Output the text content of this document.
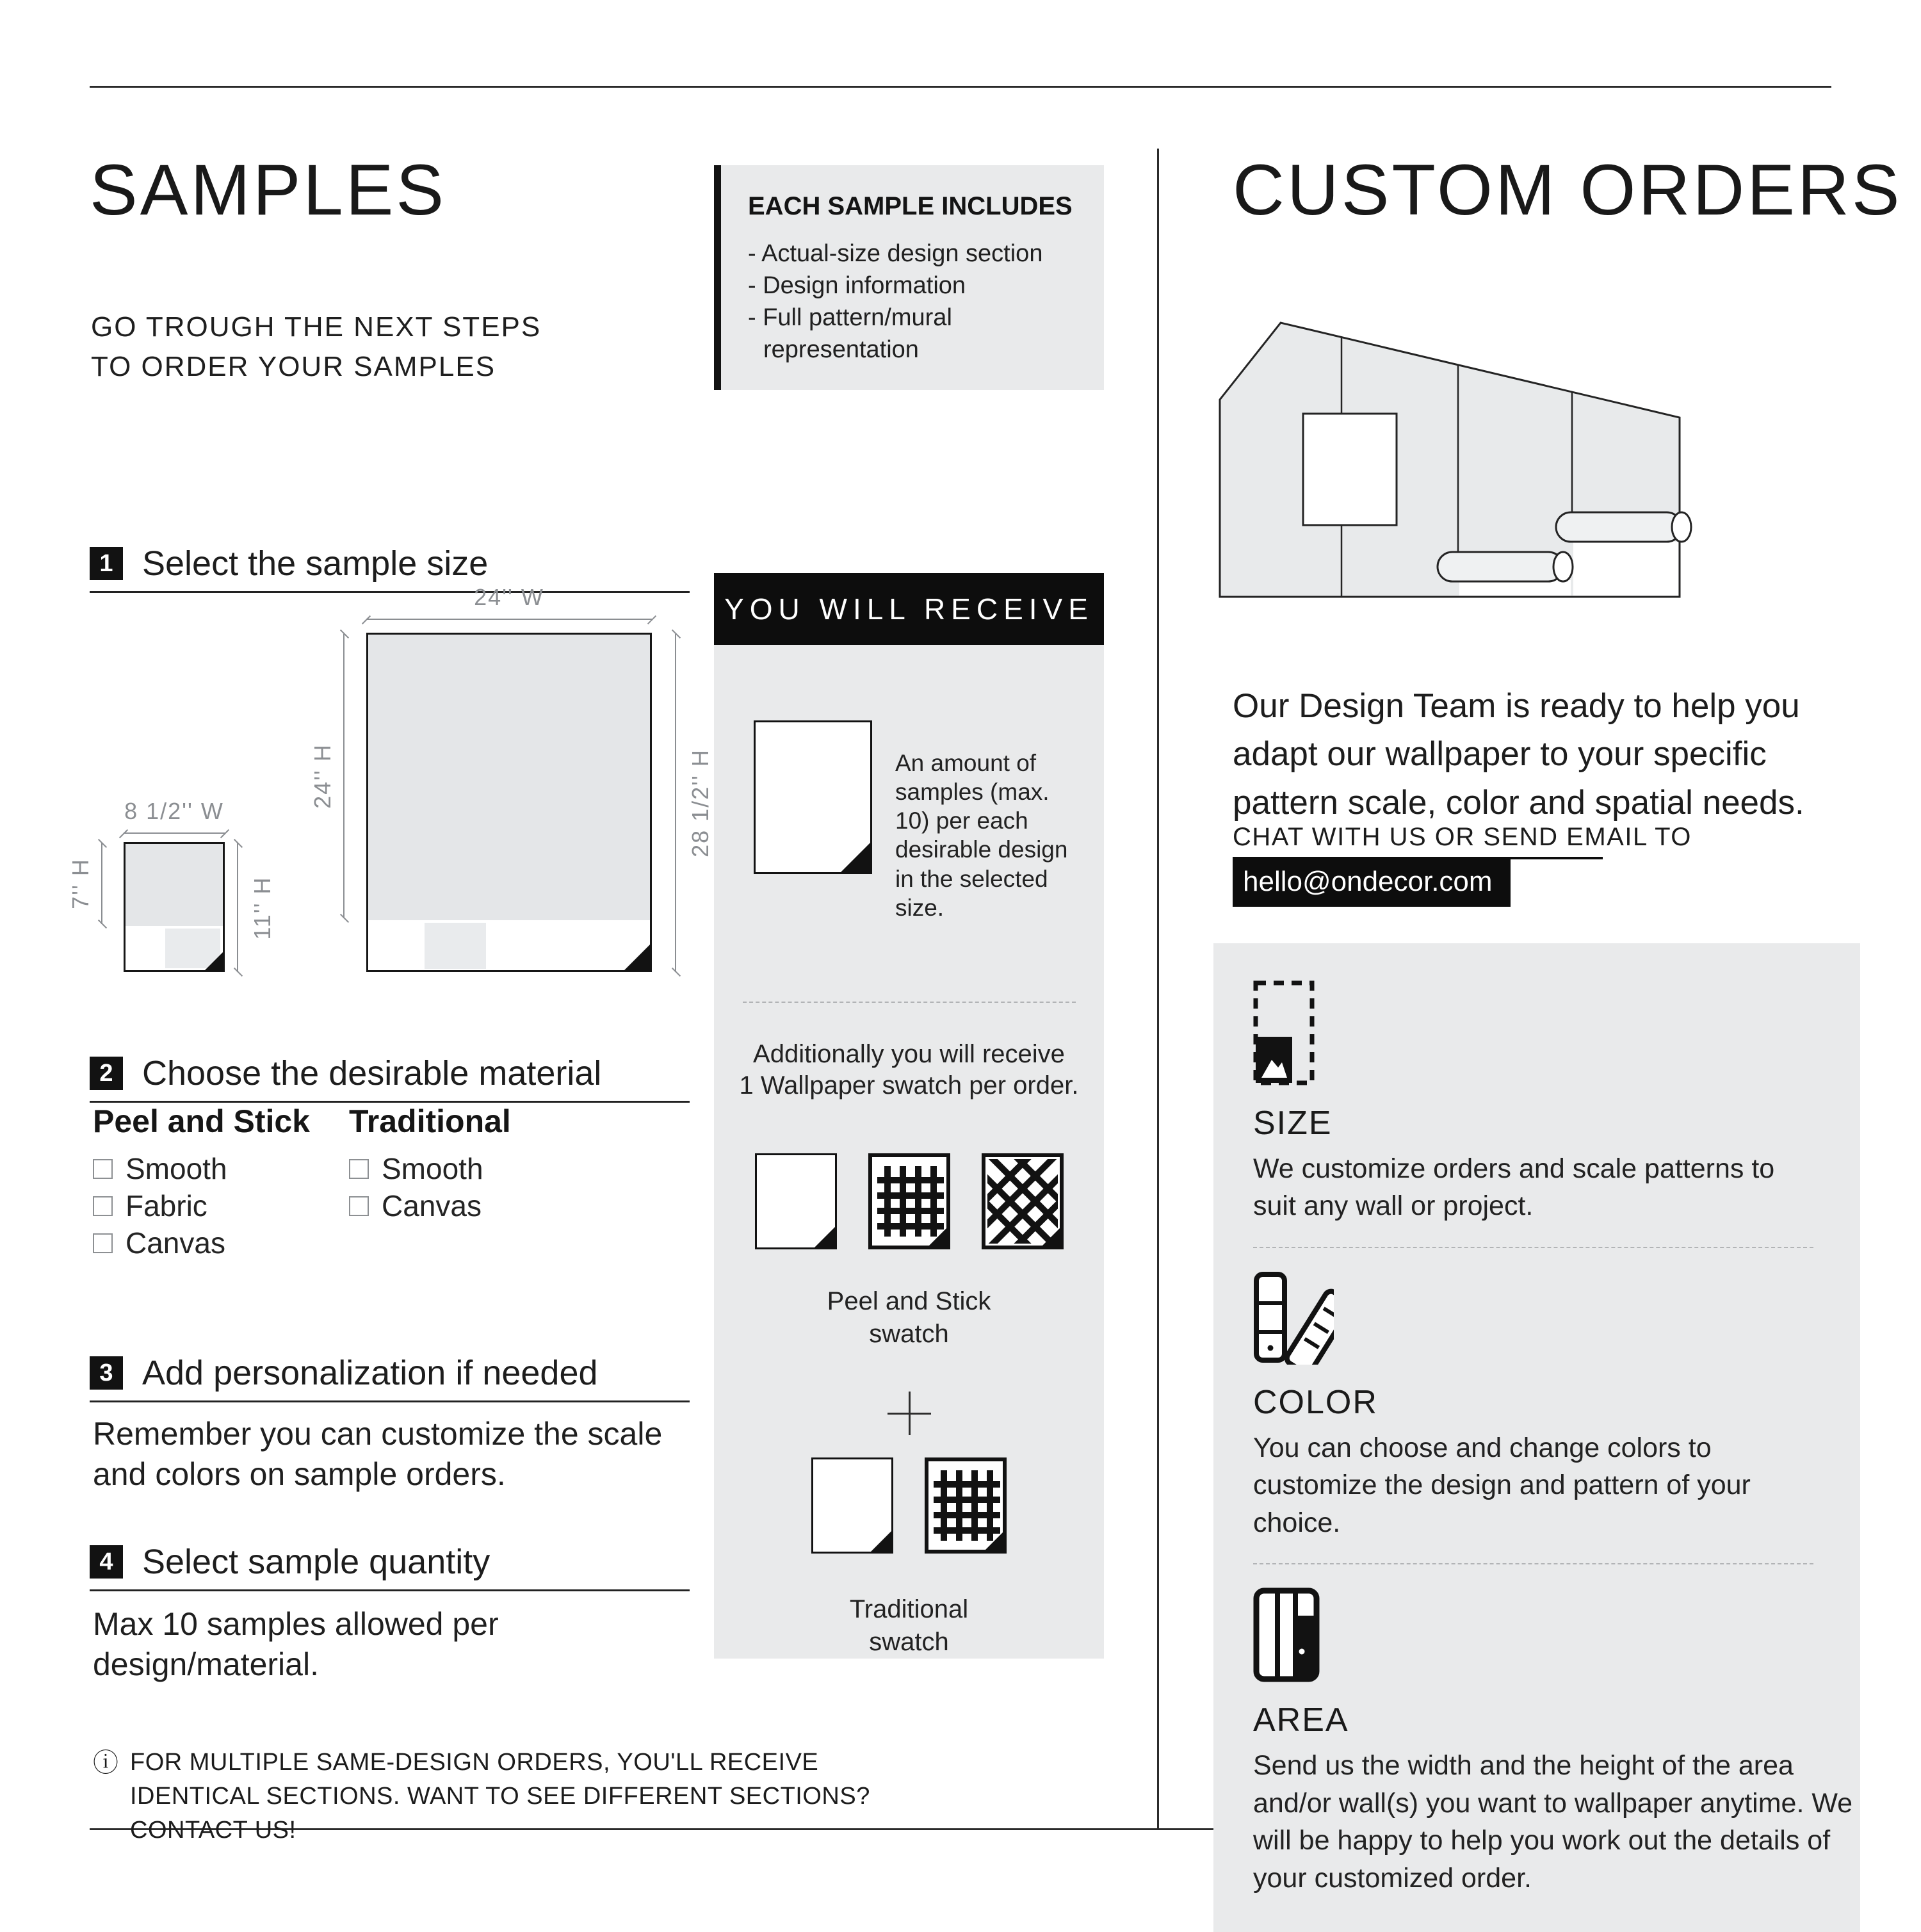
SAMPLES
GO TROUGH THE NEXT STEPS
TO ORDER YOUR SAMPLES
EACH SAMPLE INCLUDES
- Actual-size design section
- Design information
- Full pattern/mural representation
1 Select the sample size
8 1/2'' W
7'' H	11'' H
24'' W
24'' H	28 1/2'' H
2 Choose the desirable material
Peel and Stick
Smooth
Fabric
Canvas
Traditional
Smooth
Canvas
3 Add personalization if needed
Remember you can customize the scale and colors on sample orders.
4 Select sample quantity
Max 10 samples allowed per design/material.
ⓘ FOR MULTIPLE SAME-DESIGN ORDERS, YOU'LL RECEIVE IDENTICAL SECTIONS. WANT TO SEE DIFFERENT SECTIONS? CONTACT US!
YOU WILL RECEIVE
An amount of samples (max. 10) per each desirable design in the selected size.
Additionally you will receive
1 Wallpaper swatch per order.
Peel and Stick
swatch
Traditional
swatch
CUSTOM ORDERS

Our Design Team is ready to help you adapt our wallpaper to your specific pattern scale, color and spatial needs.

CHAT WITH US OR SEND EMAIL TO
hello@ondecor.com
SIZE

We customize orders and scale patterns to suit any wall or project.

COLOR

You can choose and change colors to customize the design and pattern of your choice.

AREA

Send us the width and the height of the area and/or wall(s) you want to wallpaper anytime. We will be happy to help you work out the details of your customized order.
